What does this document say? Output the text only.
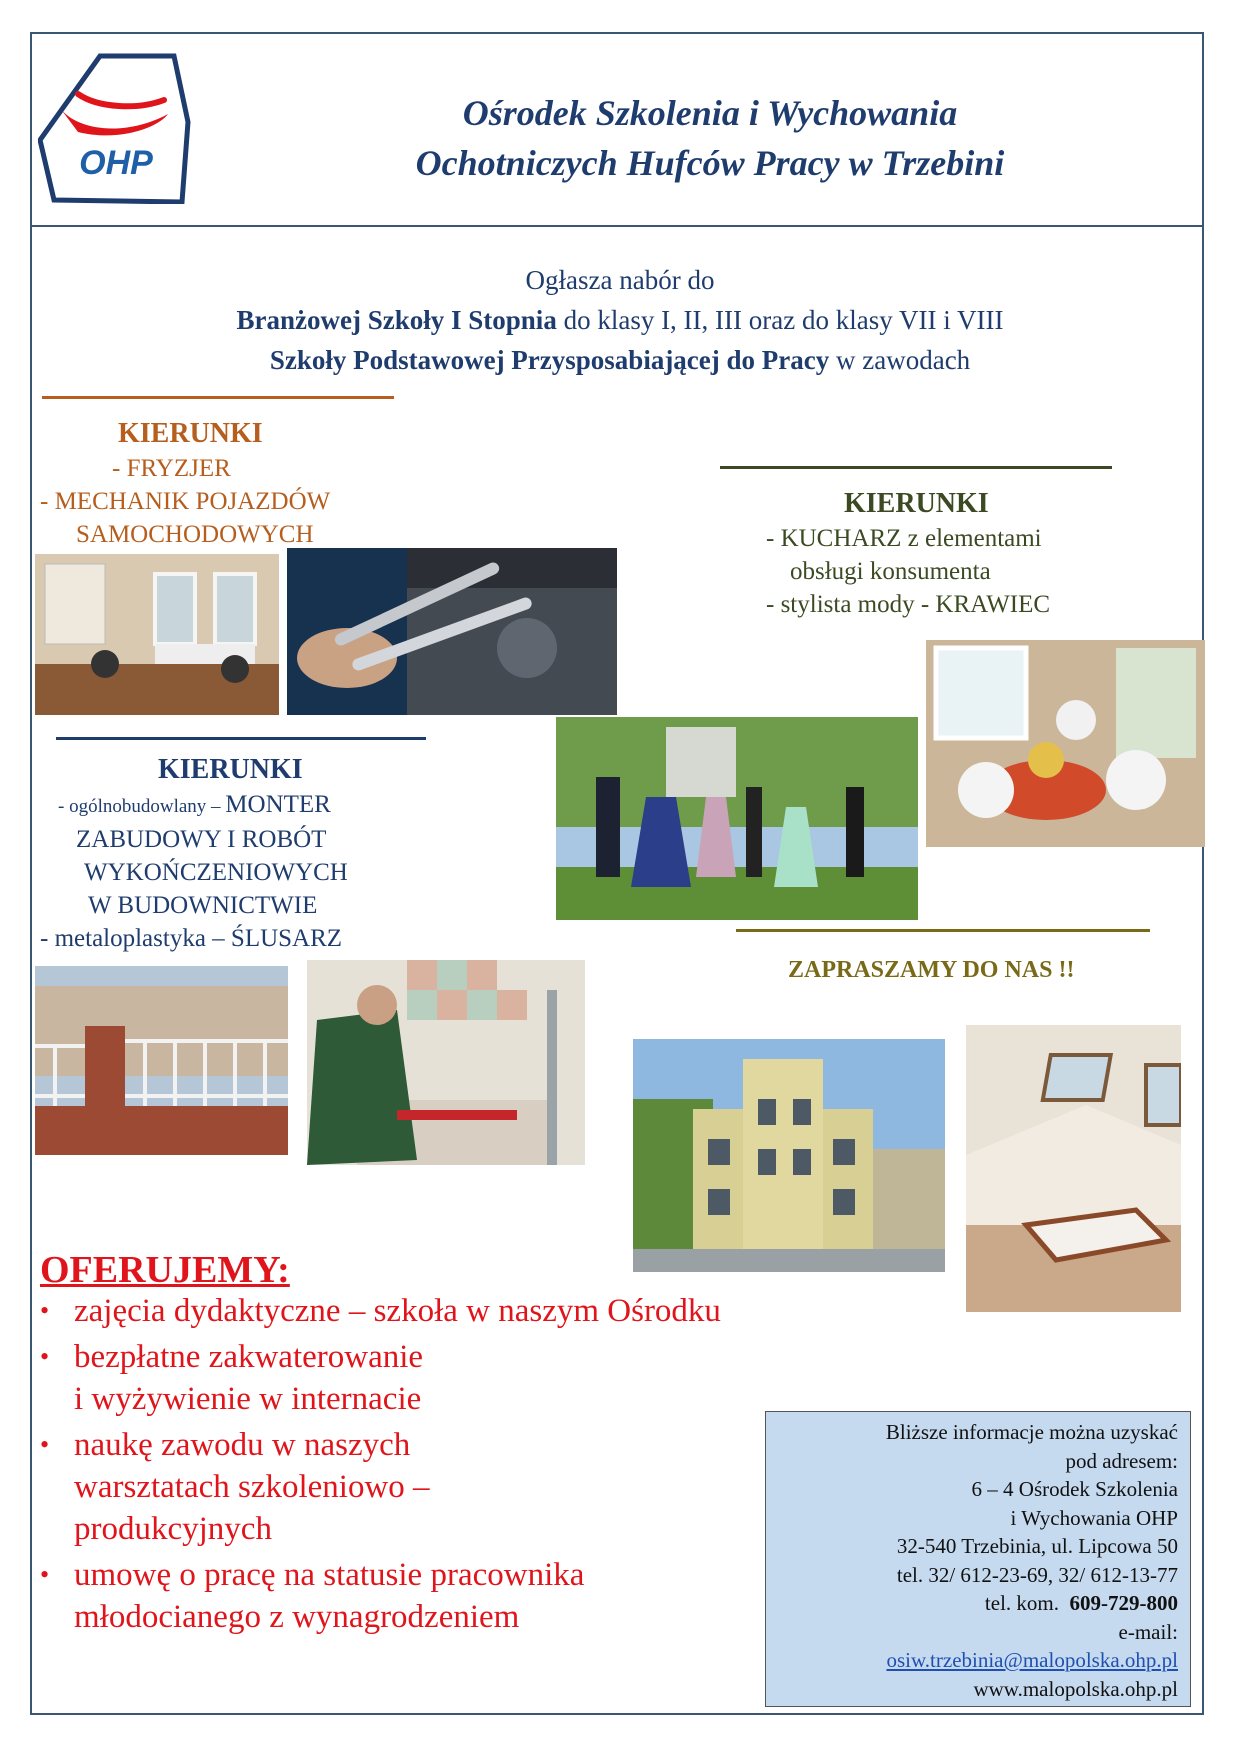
OHP
Ośrodek Szkolenia i Wychowania
Ochotniczych Hufców Pracy w Trzebini
Ogłasza nabór do
Branżowej Szkoły I Stopnia do klasy I, II, III oraz do klasy VII i VIII
Szkoły Podstawowej Przysposabiającej do Pracy w zawodach
KIERUNKI
- FRYZJER
- MECHANIK POJAZDÓW
SAMOCHODOWYCH
KIERUNKI
- KUCHARZ z elementami
obsługi konsumenta
- stylista mody - KRAWIEC
KIERUNKI
- ogólnobudowlany – MONTER
ZABUDOWY I ROBÓT
WYKOŃCZENIOWYCH
W BUDOWNICTWIE
- metaloplastyka – ŚLUSARZ
ZAPRASZAMY DO NAS !!
OFERUJEMY:
• zajęcia dydaktyczne – szkoła w naszym Ośrodku
• bezpłatne zakwaterowanie
i wyżywienie w internacie
• naukę zawodu w naszych
warsztatach szkoleniowo –
produkcyjnych
• umowę o pracę na statusie pracownika
młodocianego z wynagrodzeniem
Bliższe informacje można uzyskać
pod adresem:
6 – 4 Ośrodek Szkolenia
i Wychowania OHP
32-540 Trzebinia, ul. Lipcowa 50
tel. 32/ 612-23-69, 32/ 612-13-77
tel. kom. 609-729-800
e-mail:
osiw.trzebinia@malopolska.ohp.pl
www.malopolska.ohp.pl
